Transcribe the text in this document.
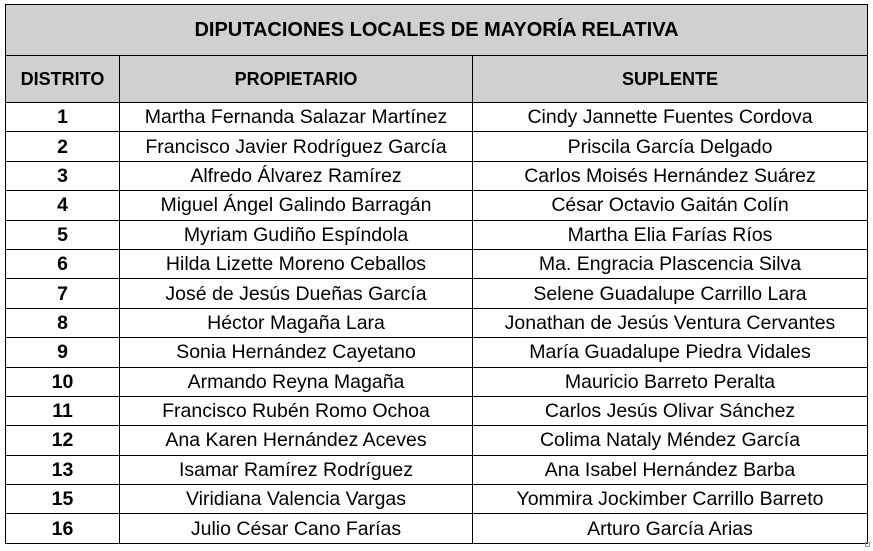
DIPUTACIONES LOCALES DE MAYORÍA RELATIVA		
DISTRITO	PROPIETARIO	SUPLENTE
1	Martha Fernanda Salazar Martínez	Cindy Jannette Fuentes Cordova
2	Francisco Javier Rodríguez García	Priscila García Delgado
3	Alfredo Álvarez Ramírez	Carlos Moisés Hernández Suárez
4	Miguel Ángel Galindo Barragán	César Octavio Gaitán Colín
5	Myriam Gudiño Espíndola	Martha Elia Farías Ríos
6	Hilda Lizette Moreno Ceballos	Ma. Engracia Plascencia Silva
7	José de Jesús Dueñas García	Selene Guadalupe Carrillo Lara
8	Héctor Magaña Lara	Jonathan de Jesús Ventura Cervantes
9	Sonia Hernández Cayetano	María Guadalupe Piedra Vidales
10	Armando Reyna Magaña	Mauricio Barreto Peralta
11	Francisco Rubén Romo Ochoa	Carlos Jesús Olivar Sánchez
12	Ana Karen Hernández Aceves	Colima Nataly Méndez García
13	Isamar Ramírez Rodríguez	Ana Isabel Hernández Barba
15	Viridiana Valencia Vargas	Yommira Jockimber Carrillo Barreto
16	Julio César Cano Farías	Arturo García Arias
